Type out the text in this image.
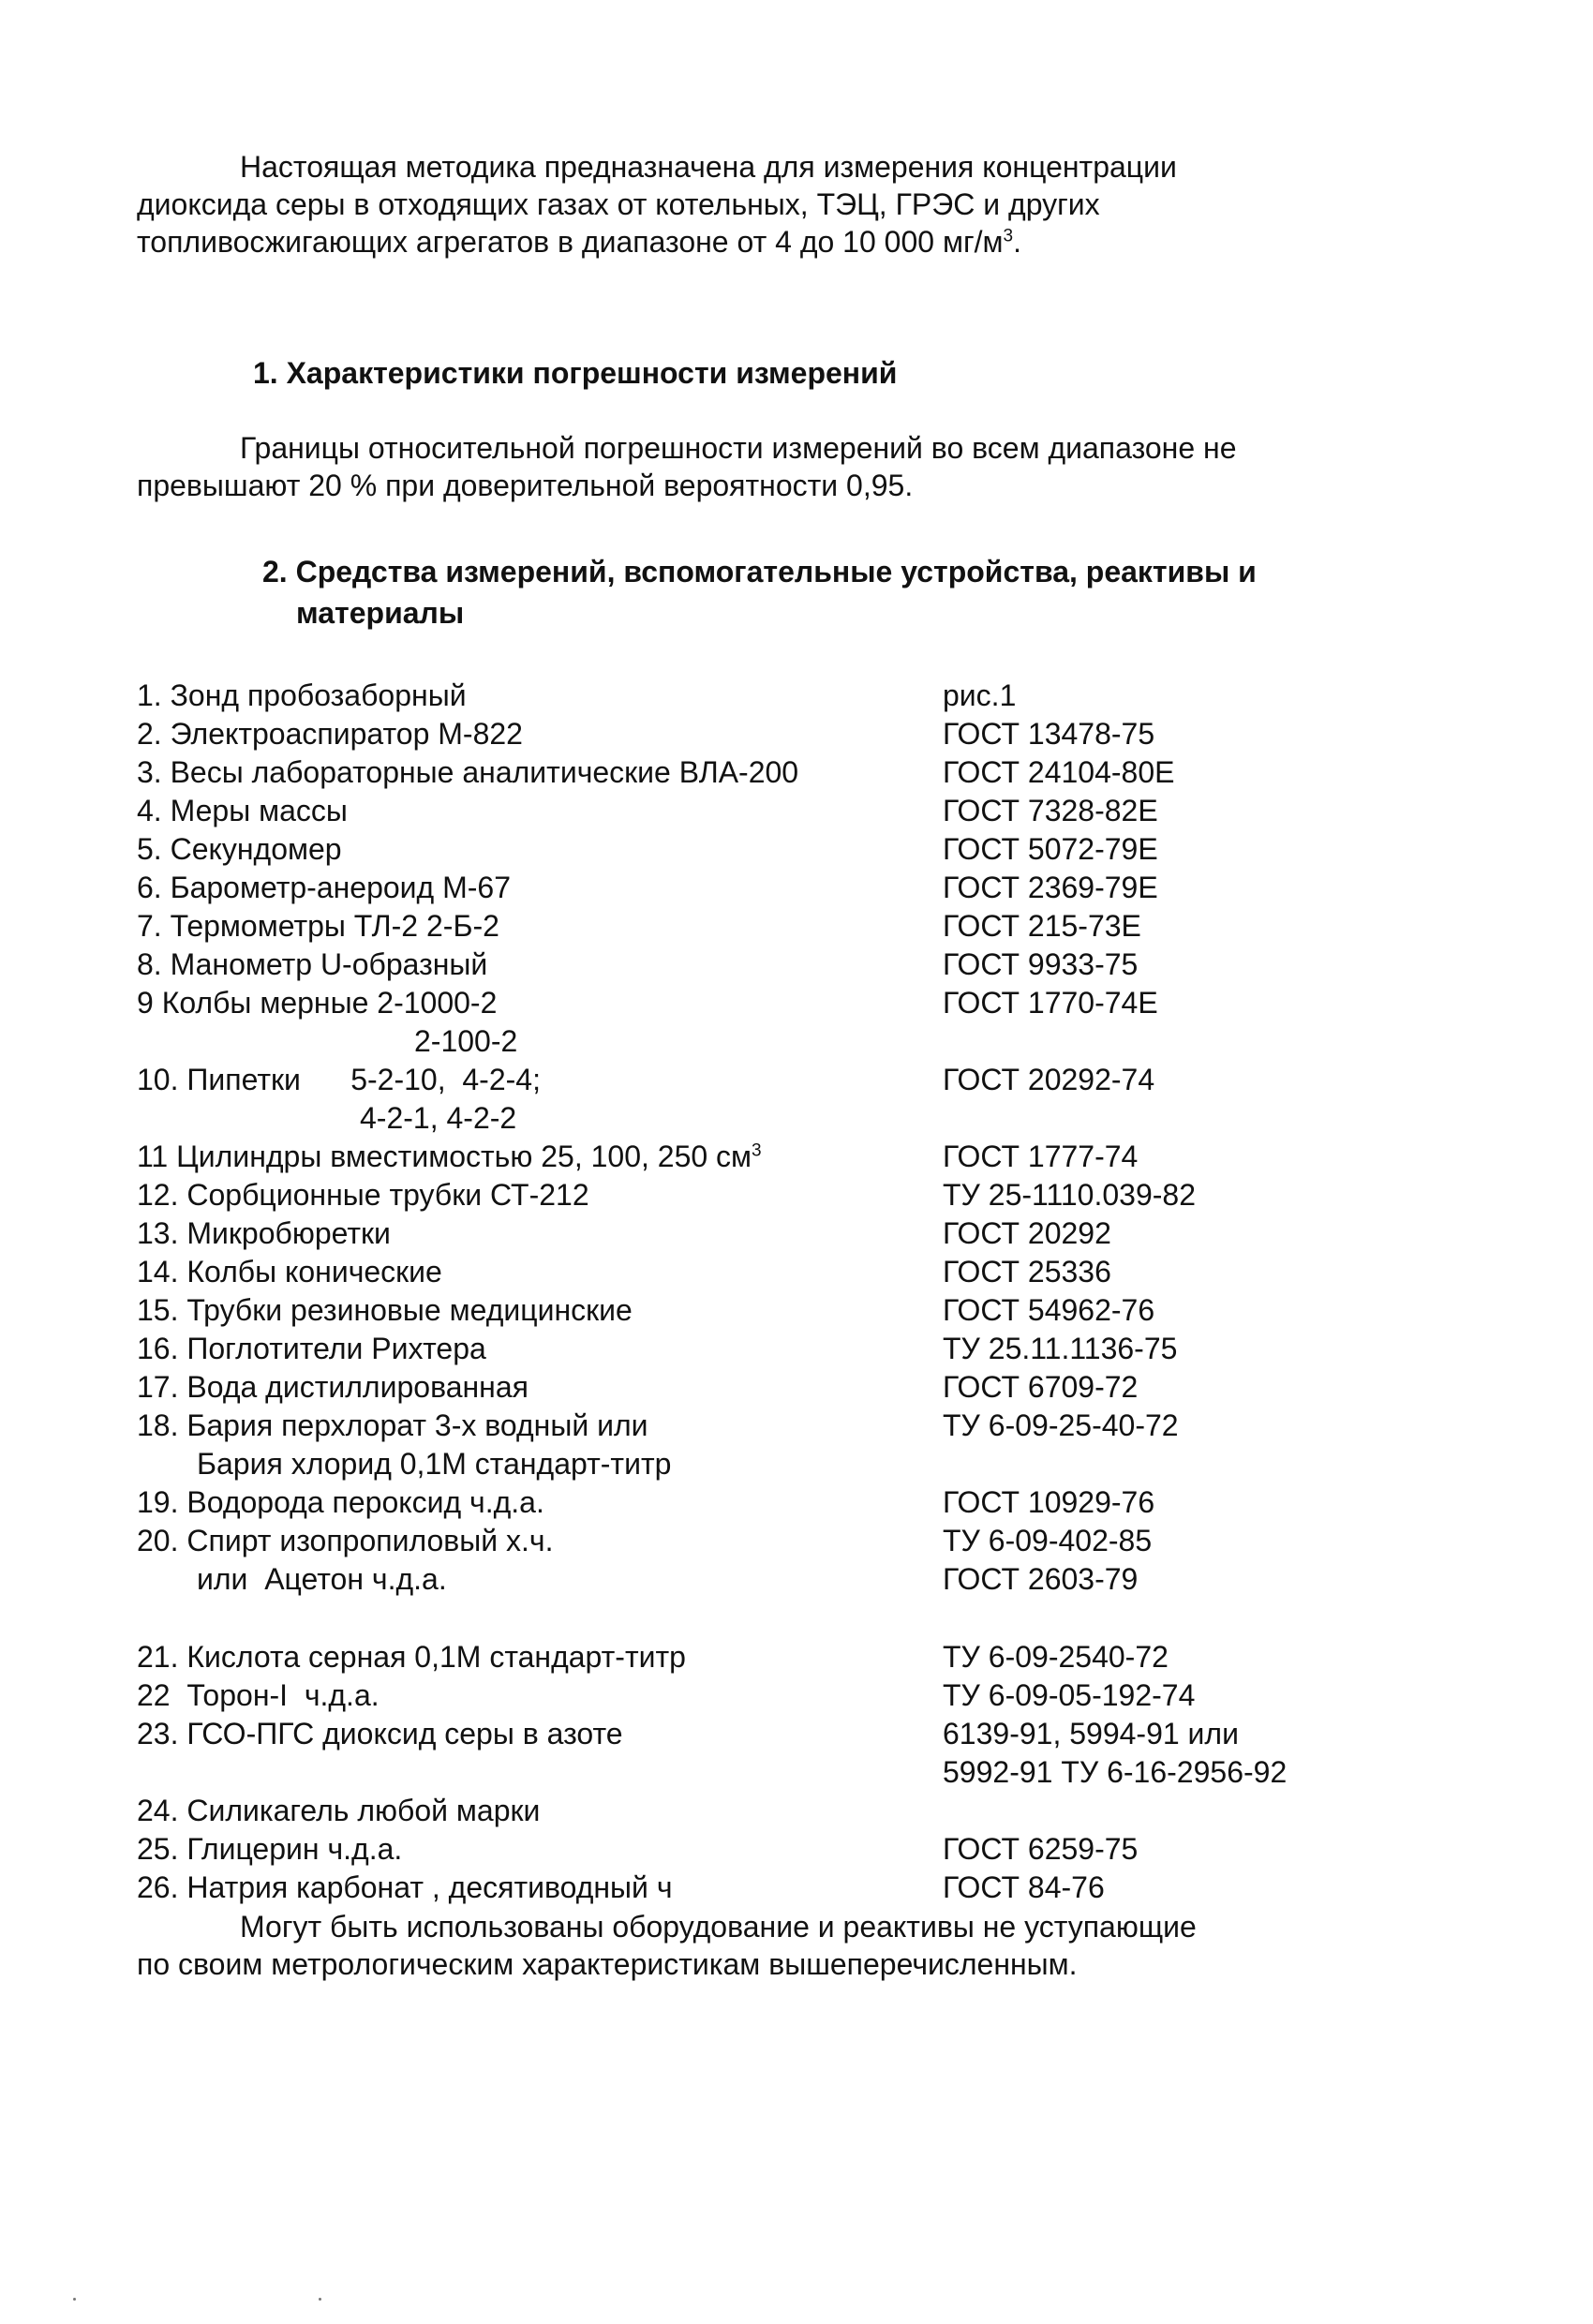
Настоящая методика предназначена для измерения концентрации
диоксида серы в отходящих газах от котельных, ТЭЦ, ГРЭС и других
топливосжигающих агрегатов в диапазоне от 4 до 10 000 $мг/м^3$.
1. Характеристики погрешности измерений
Границы относительной погрешности измерений во всем диапазоне не
превышают 20 % при доверительной вероятности 0,95.
2. Средства измерений, вспомогательные устройства, реактивы и
материалы
1. Зонд пробозаборный	рис.1
2. Электроаспиратор М-822	ГОСТ 13478-75
3. Весы лабораторные аналитические ВЛА-200	ГОСТ 24104-80Е
4. Меры массы	ГОСТ 7328-82Е
5. Секундомер	ГОСТ 5072-79Е
6. Барометр-анероид М-67	ГОСТ 2369-79Е
7. Термометры ТЛ-2 2-Б-2	ГОСТ 215-73Е
8. Манометр U-образный	ГОСТ 9933-75
9 Колбы мерные 2-1000-2	ГОСТ 1770-74Е
2-100-2
10. Пипетки      5-2-10,  4-2-4;	ГОСТ 20292-74
4-2-1, 4-2-2
11 Цилиндры вместимостью 25, 100, 250 $см^3$	ГОСТ 1777-74
12. Сорбционные трубки СТ-212	ТУ 25-1110.039-82
13. Микробюретки	ГОСТ 20292
14. Колбы конические	ГОСТ 25336
15. Трубки резиновые медицинские	ГОСТ 54962-76
16. Поглотители Рихтера	ТУ 25.11.1136-75
17. Вода дистиллированная	ГОСТ 6709-72
18. Бария перхлорат 3-х водный или	ТУ 6-09-25-40-72
Бария хлорид 0,1М стандарт-титр
19. Водорода пероксид ч.д.а.	ГОСТ 10929-76
20. Спирт изопропиловый х.ч.	ТУ 6-09-402-85
или  Ацетон ч.д.а.	ГОСТ 2603-79
21. Кислота серная 0,1М стандарт-титр	ТУ 6-09-2540-72
22  Торон-I  ч.д.а.	ТУ 6-09-05-192-74
23. ГСО-ПГС диоксид серы в азоте	6139-91, 5994-91 или
5992-91 ТУ 6-16-2956-92
24. Силикагель любой марки
25. Глицерин ч.д.а.	ГОСТ 6259-75
26. Натрия карбонат , десятиводный ч	ГОСТ 84-76
Могут быть использованы оборудование и реактивы не уступающие
по своим метрологическим характеристикам вышеперечисленным.
